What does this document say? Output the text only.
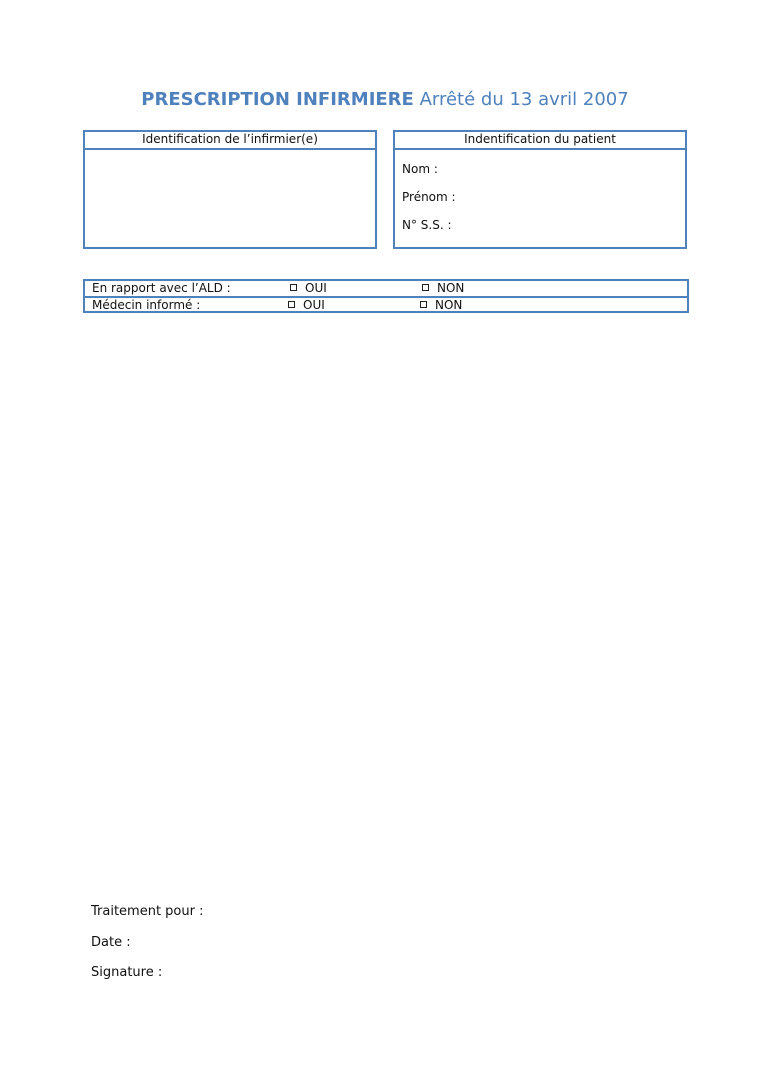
PRESCRIPTION INFIRMIERE Arrêté du 13 avril 2007
Identification de l’infirmier(e)	Indentification du patient
Nom :
Prénom :
N° S.S. :
En rapport avec l’ALD :	OUI	NON
Médecin informé :	OUI	NON
Traitement pour :
Date :
Signature :
